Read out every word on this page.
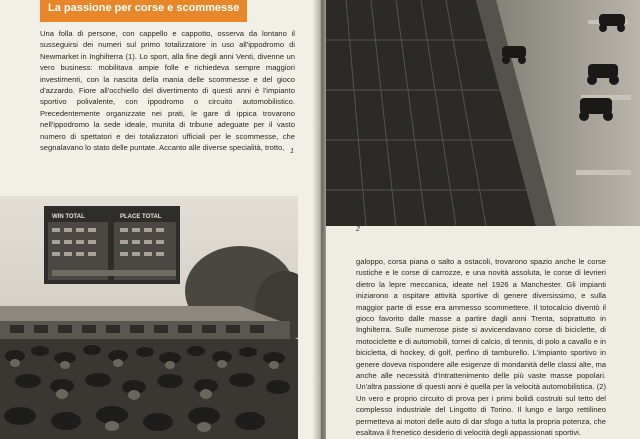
La passione per corse e scommesse
Una folla di persone, con cappello e cappotto, osserva da lontano il susseguirsi dei numeri sul primo totalizzatore in uso all'ippodromo di Newmarket in Inghilterra (1). Lo sport, alla fine degli anni Venti, divenne un vero business: mobilitava ampie folle e richiedeva sempre maggiori investimenti, con la nascita della mania delle scommesse e del gioco d'azzardo. Fiore all'occhiello del divertimento di questi anni è l'impianto sportivo polivalente, con ippodromo o circuito automobilistico. Precedentemente organizzate nei prati, le gare di ippica trovarono nell'ippodromo la sede ideale, munita di tribune adeguate per il vasto numero di spettatori e dei totalizzatori ufficiali per le scommesse, che segnalavano lo stato delle puntate. Accanto alle diverse specialità, trotto, 1
WIN TOTAL	PLACE TOTAL
2
galoppo, corsa piana o salto a ostacoli, trovarono spazio anche le corse rustiche e le corse di carrozze, e una novità assoluta, le corse di levrieri dietro la lepre meccanica, ideate nel 1926 a Manchester. Gli impianti iniziarono a ospitare attività sportive di genere diversissimo, e sulla maggior parte di esse era ammesso scommettere. Il totocalcio diventò il gioco favorito dalle masse a partire dagli anni Trenta, soprattutto in Inghilterra. Sulle numerose piste si avvicendavano corse di biciclette, di motociclette e di automobili, tornei di calcio, di tennis, di polo a cavallo e in bicicletta, di hockey, di golf, perfino di tamburello. L'impianto sportivo in genere doveva rispondere alle esigenze di mondanità delle classi alte, ma anche alle necessità d'intrattenimento delle più vaste masse popolari. Un'altra passione di questi anni è quella per la velocità automobilistica. (2) Un vero e proprio circuito di prova per i primi bolidi costruiti sul tetto del complesso industriale del Lingotto di Torino. Il lungo e largo rettilineo permetteva ai motori delle auto di dar sfogo a tutta la propria potenza, che esaltava il frenetico desiderio di velocità degli appassionati sportivi.
